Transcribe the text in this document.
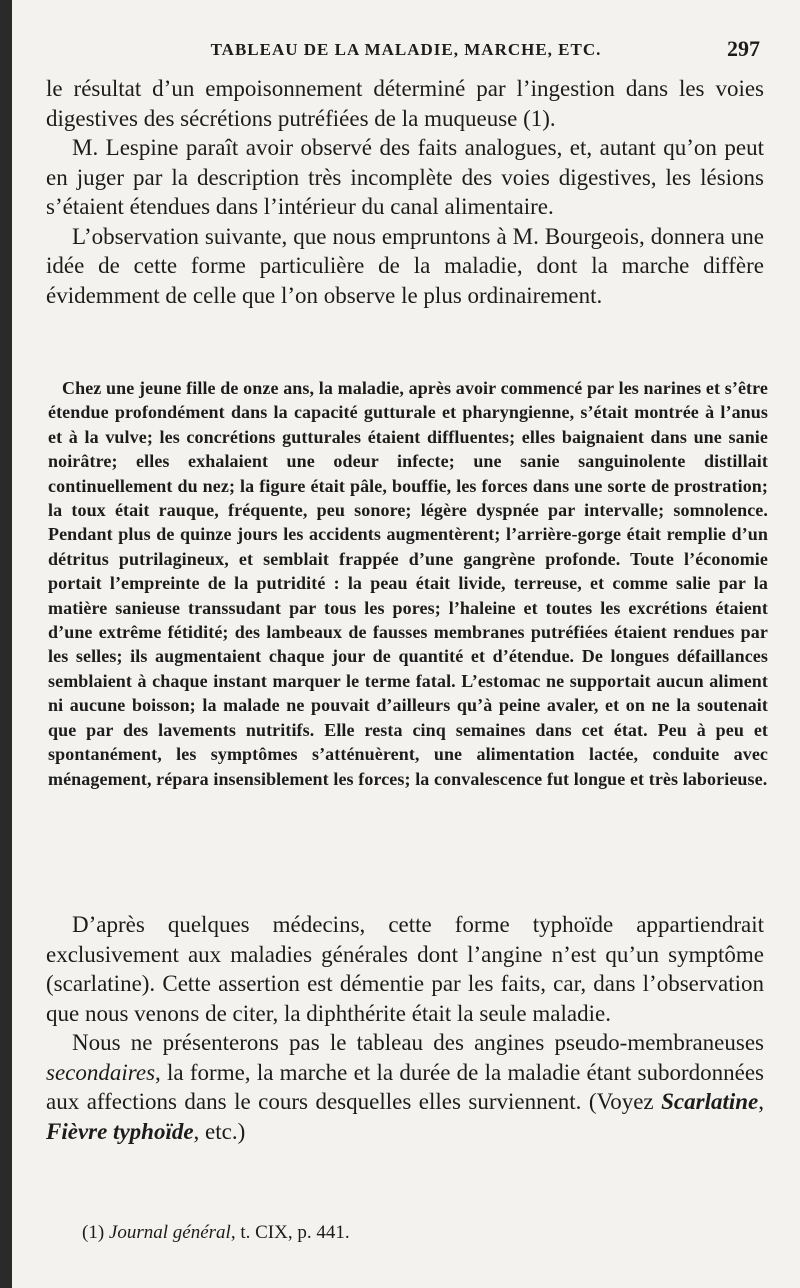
TABLEAU DE LA MALADIE, MARCHE, ETC.	297

le résultat d’un empoisonnement déterminé par l’ingestion dans les voies digestives des sécrétions putréfiées de la muqueuse (1).

M. Lespine paraît avoir observé des faits analogues, et, autant qu’on peut en juger par la description très incomplète des voies digestives, les lésions s’étaient étendues dans l’intérieur du canal alimentaire.

L’observation suivante, que nous empruntons à M. Bourgeois, donnera une idée de cette forme particulière de la maladie, dont la marche diffère évidemment de celle que l’on observe le plus ordinairement.

Chez une jeune fille de onze ans, la maladie, après avoir commencé par les narines et s’être étendue profondément dans la capacité gutturale et pharyngienne, s’était montrée à l’anus et à la vulve; les concrétions gutturales étaient diffluentes; elles baignaient dans une sanie noirâtre; elles exhalaient une odeur infecte; une sanie sanguinolente distillait continuellement du nez; la figure était pâle, bouffie, les forces dans une sorte de prostration; la toux était rauque, fréquente, peu sonore; légère dyspnée par intervalle; somnolence. Pendant plus de quinze jours les accidents augmentèrent; l’arrière-gorge était remplie d’un détritus putrilagineux, et semblait frappée d’une gangrène profonde. Toute l’économie portait l’empreinte de la putridité : la peau était livide, terreuse, et comme salie par la matière sanieuse transsudant par tous les pores; l’haleine et toutes les excrétions étaient d’une extrême fétidité; des lambeaux de fausses membranes putréfiées étaient rendues par les selles; ils augmentaient chaque jour de quantité et d’étendue. De longues défaillances semblaient à chaque instant marquer le terme fatal. L’estomac ne supportait aucun aliment ni aucune boisson; la malade ne pouvait d’ailleurs qu’à peine avaler, et on ne la soutenait que par des lavements nutritifs. Elle resta cinq semaines dans cet état. Peu à peu et spontanément, les symptômes s’atténuèrent, une alimentation lactée, conduite avec ménagement, répara insensiblement les forces; la convalescence fut longue et très laborieuse.

D’après quelques médecins, cette forme typhoïde appartiendrait exclusivement aux maladies générales dont l’angine n’est qu’un symptôme (scarlatine). Cette assertion est démentie par les faits, car, dans l’observation que nous venons de citer, la diphthérite était la seule maladie.

Nous ne présenterons pas le tableau des angines pseudo-membraneuses secondaires, la forme, la marche et la durée de la maladie étant subordonnées aux affections dans le cours desquelles elles surviennent. (Voyez Scarlatine, Fièvre typhoïde, etc.)

(1) Journal général, t. CIX, p. 441.
